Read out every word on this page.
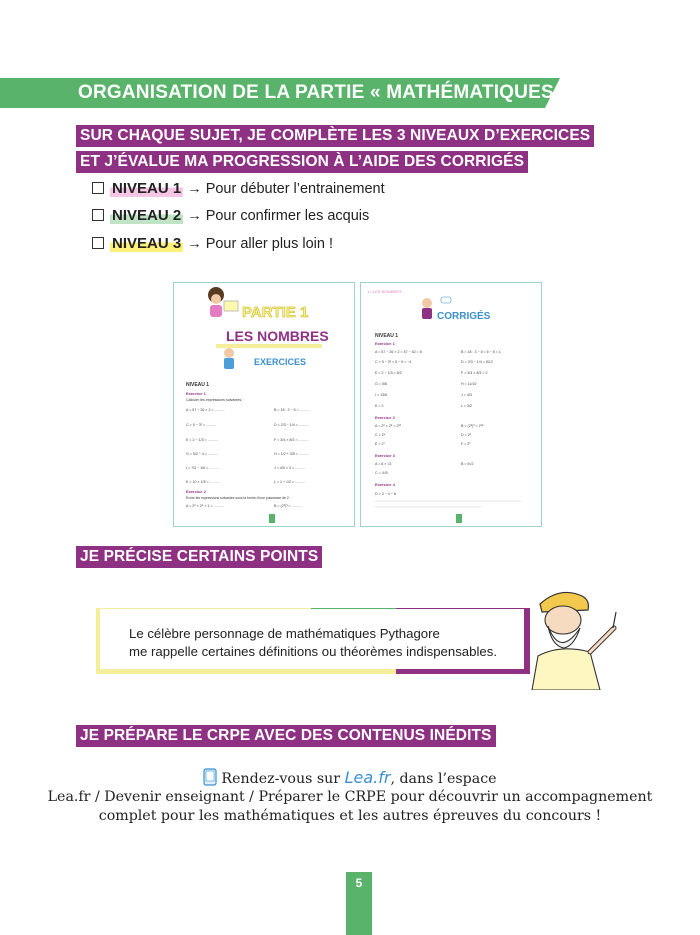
ORGANISATION DE LA PARTIE « MATHÉMATIQUES »
SUR CHAQUE SUJET, JE COMPLÈTE LES 3 NIVEAUX D’EXERCICES
ET J’ÉVALUE MA PROGRESSION À L’AIDE DES CORRIGÉS
NIVEAU 1 → Pour débuter l’entrainement
NIVEAU 2 → Pour confirmer les acquis
NIVEAU 3 → Pour aller plus loin !
PARTIE 1
LES NOMBRES
EXERCICES
NIVEAU 1
Exercice 1
Calculer les expressions suivantes :
A = 57 − 26 × 2 = ..........	B = 18 : 3 − 5 = ..........
C = 5 − 3² = ..........	D = 2/3 − 1/4 = ..........
E = 2 − 1/3 = ..........	F = 3/4 × 8/3 = ..........
G = 5/2 ÷ 4 = ..........	H = 1/2 + 3/5 = ..........
I = 7/3 − 1/6 = ..........	J = 4/9 × 3 = ..........
K = 10 × 1/5 = ..........	L = 1 + 1/2 = ..........
Exercice 2
Écrire les expressions suivantes sous la forme d’une puissance de 2 :
A = 2⁸ × 2⁵ × 1 = ..........	B = (2⁶)³ = ..........
1 • LES NOMBRES
CORRIGÉS
NIVEAU 1
Exercice 1
A = 57 − 26 × 2 = 57 − 52 = 5	B = 18 : 3 − 5 = 6 − 5 = 1
C = 5 − 3² = 5 − 9 = −4	D = 2/3 − 1/4 = 5/12
E = 2 − 1/3 = 5/3	F = 3/4 × 8/3 = 2
G = 5/8	H = 11/10
I = 13/6	J = 4/3
K = 2	L = 3/2
Exercice 2
A = 2⁸ × 2⁵ = 2¹³	B = (2⁶)³ = 2¹⁸
C = 2⁴	D = 2²
E = 2⁷	F = 2¹
Exercice 3
A = 6 × √3	B = 5√2
C = 4√5
Exercice 4
D = 3 − 4 − 8
JE PRÉCISE CERTAINS POINTS
Le célèbre personnage de mathématiques Pythagore
me rappelle certaines définitions ou théorèmes indispensables.
JE PRÉPARE LE CRPE AVEC DES CONTENUS INÉDITS
Rendez-vous sur Lea.fr, dans l’espace
Lea.fr / Devenir enseignant / Préparer le CRPE pour découvrir un accompagnement
complet pour les mathématiques et les autres épreuves du concours !
5
